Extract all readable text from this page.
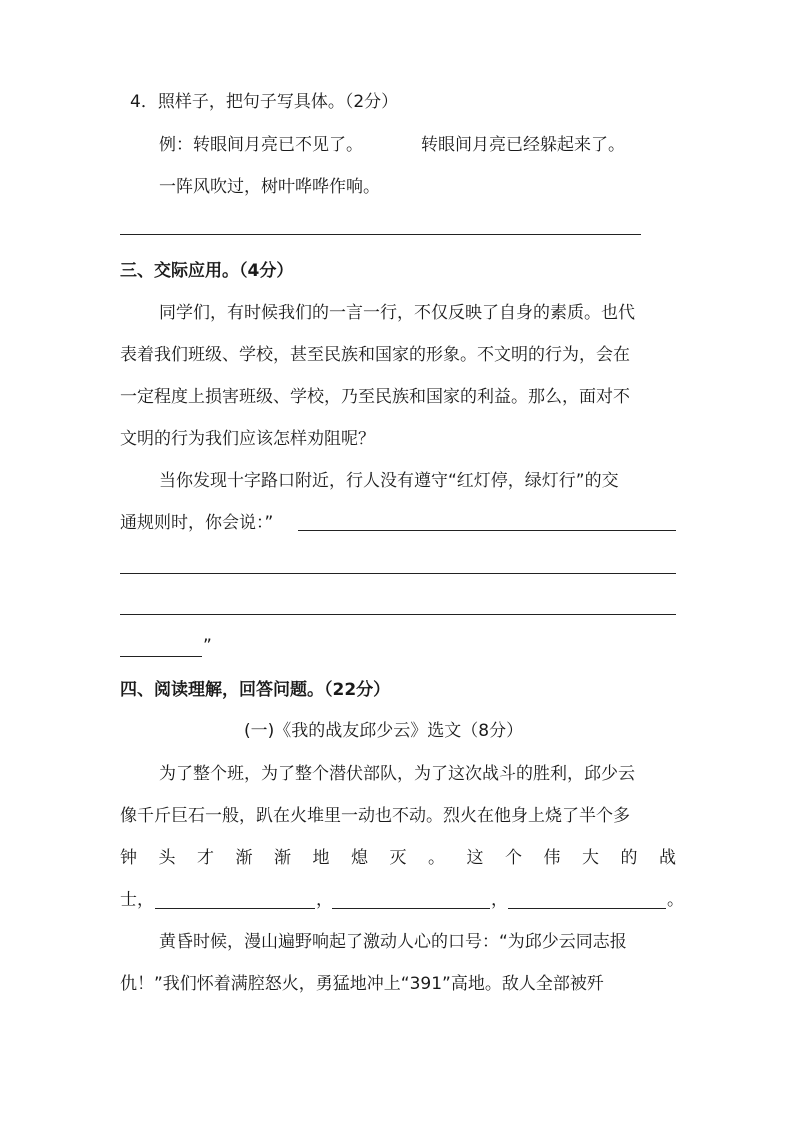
4．照样子，把句子写具体。（2分）
例：转眼间月亮已不见了。	转眼间月亮已经躲起来了。
一阵风吹过，树叶哗哗作响。
三、交际应用。（4分）
同学们，有时候我们的一言一行，不仅反映了自身的素质。也代
表着我们班级、学校，甚至民族和国家的形象。不文明的行为，会在
一定程度上损害班级、学校，乃至民族和国家的利益。那么，面对不
文明的行为我们应该怎样劝阻呢？
当你发现十字路口附近，行人没有遵守“红灯停，绿灯行”的交
通规则时，你会说：”
”
四、阅读理解，回答问题。（22分）
(一)《我的战友邱少云》选文（8分）
为了整个班，为了整个潜伏部队，为了这次战斗的胜利，邱少云
像千斤巨石一般，趴在火堆里一动也不动。烈火在他身上烧了半个多
钟 头 才 渐 渐 地 熄 灭 。 这 个 伟 大 的 战
士，	，	，	。
黄昏时候，漫山遍野响起了激动人心的口号：“为邱少云同志报
仇！”我们怀着满腔怒火，勇猛地冲上“391”高地。敌人全部被歼
